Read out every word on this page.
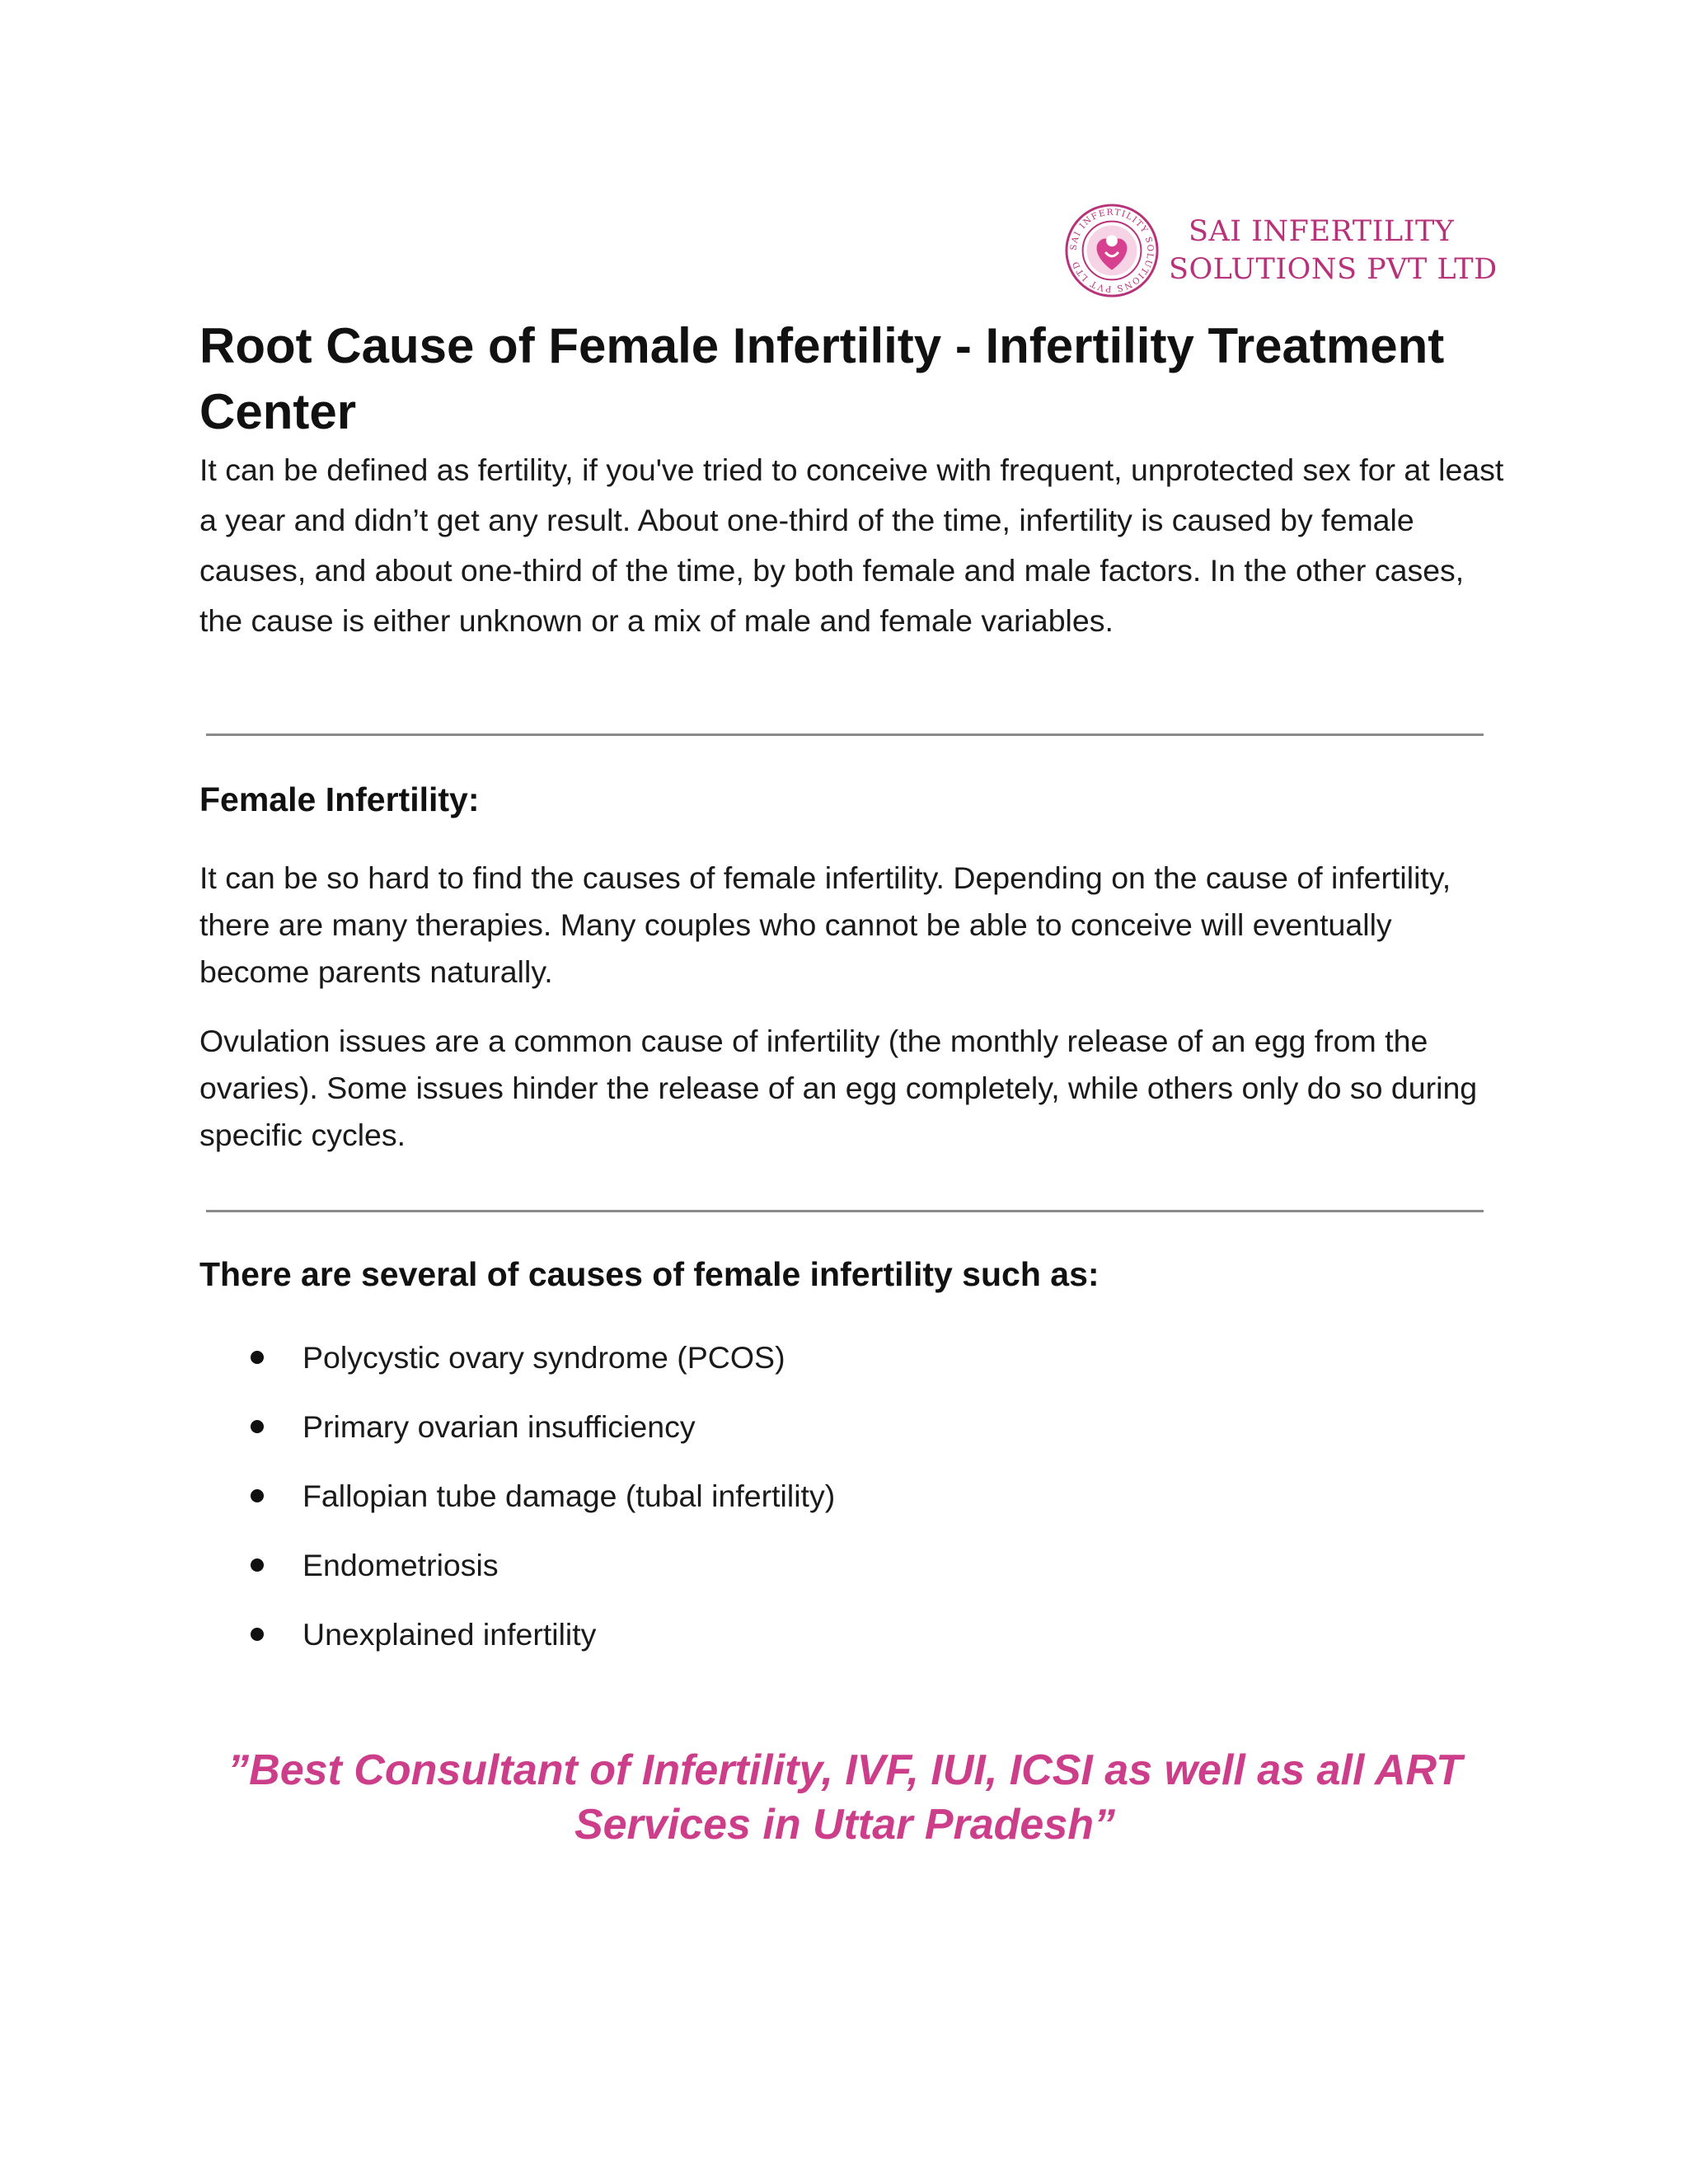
SAI INFERTILITY SOLUTIONS PVT LTD
SAI INFERTILITY
SOLUTIONS PVT LTD
Root Cause of Female Infertility - Infertility Treatment Center

It can be defined as fertility, if you've tried to conceive with frequent, unprotected sex for at least a year and didn’t get any result. About one-third of the time, infertility is caused by female causes, and about one-third of the time, by both female and male factors. In the other cases, the cause is either unknown or a mix of male and female variables.

Female Infertility:

It can be so hard to find the causes of female infertility. Depending on the cause of infertility, there are many therapies. Many couples who cannot be able to conceive will eventually become parents naturally.

Ovulation issues are a common cause of infertility (the monthly release of an egg from the ovaries). Some issues hinder the release of an egg completely, while others only do so during specific cycles.

There are several of causes of female infertility such as:
Polycystic ovary syndrome (PCOS)
Primary ovarian insufficiency
Fallopian tube damage (tubal infertility)
Endometriosis
Unexplained infertility

”Best Consultant of Infertility, IVF, IUI, ICSI as well as all ART Services in Uttar Pradesh”
